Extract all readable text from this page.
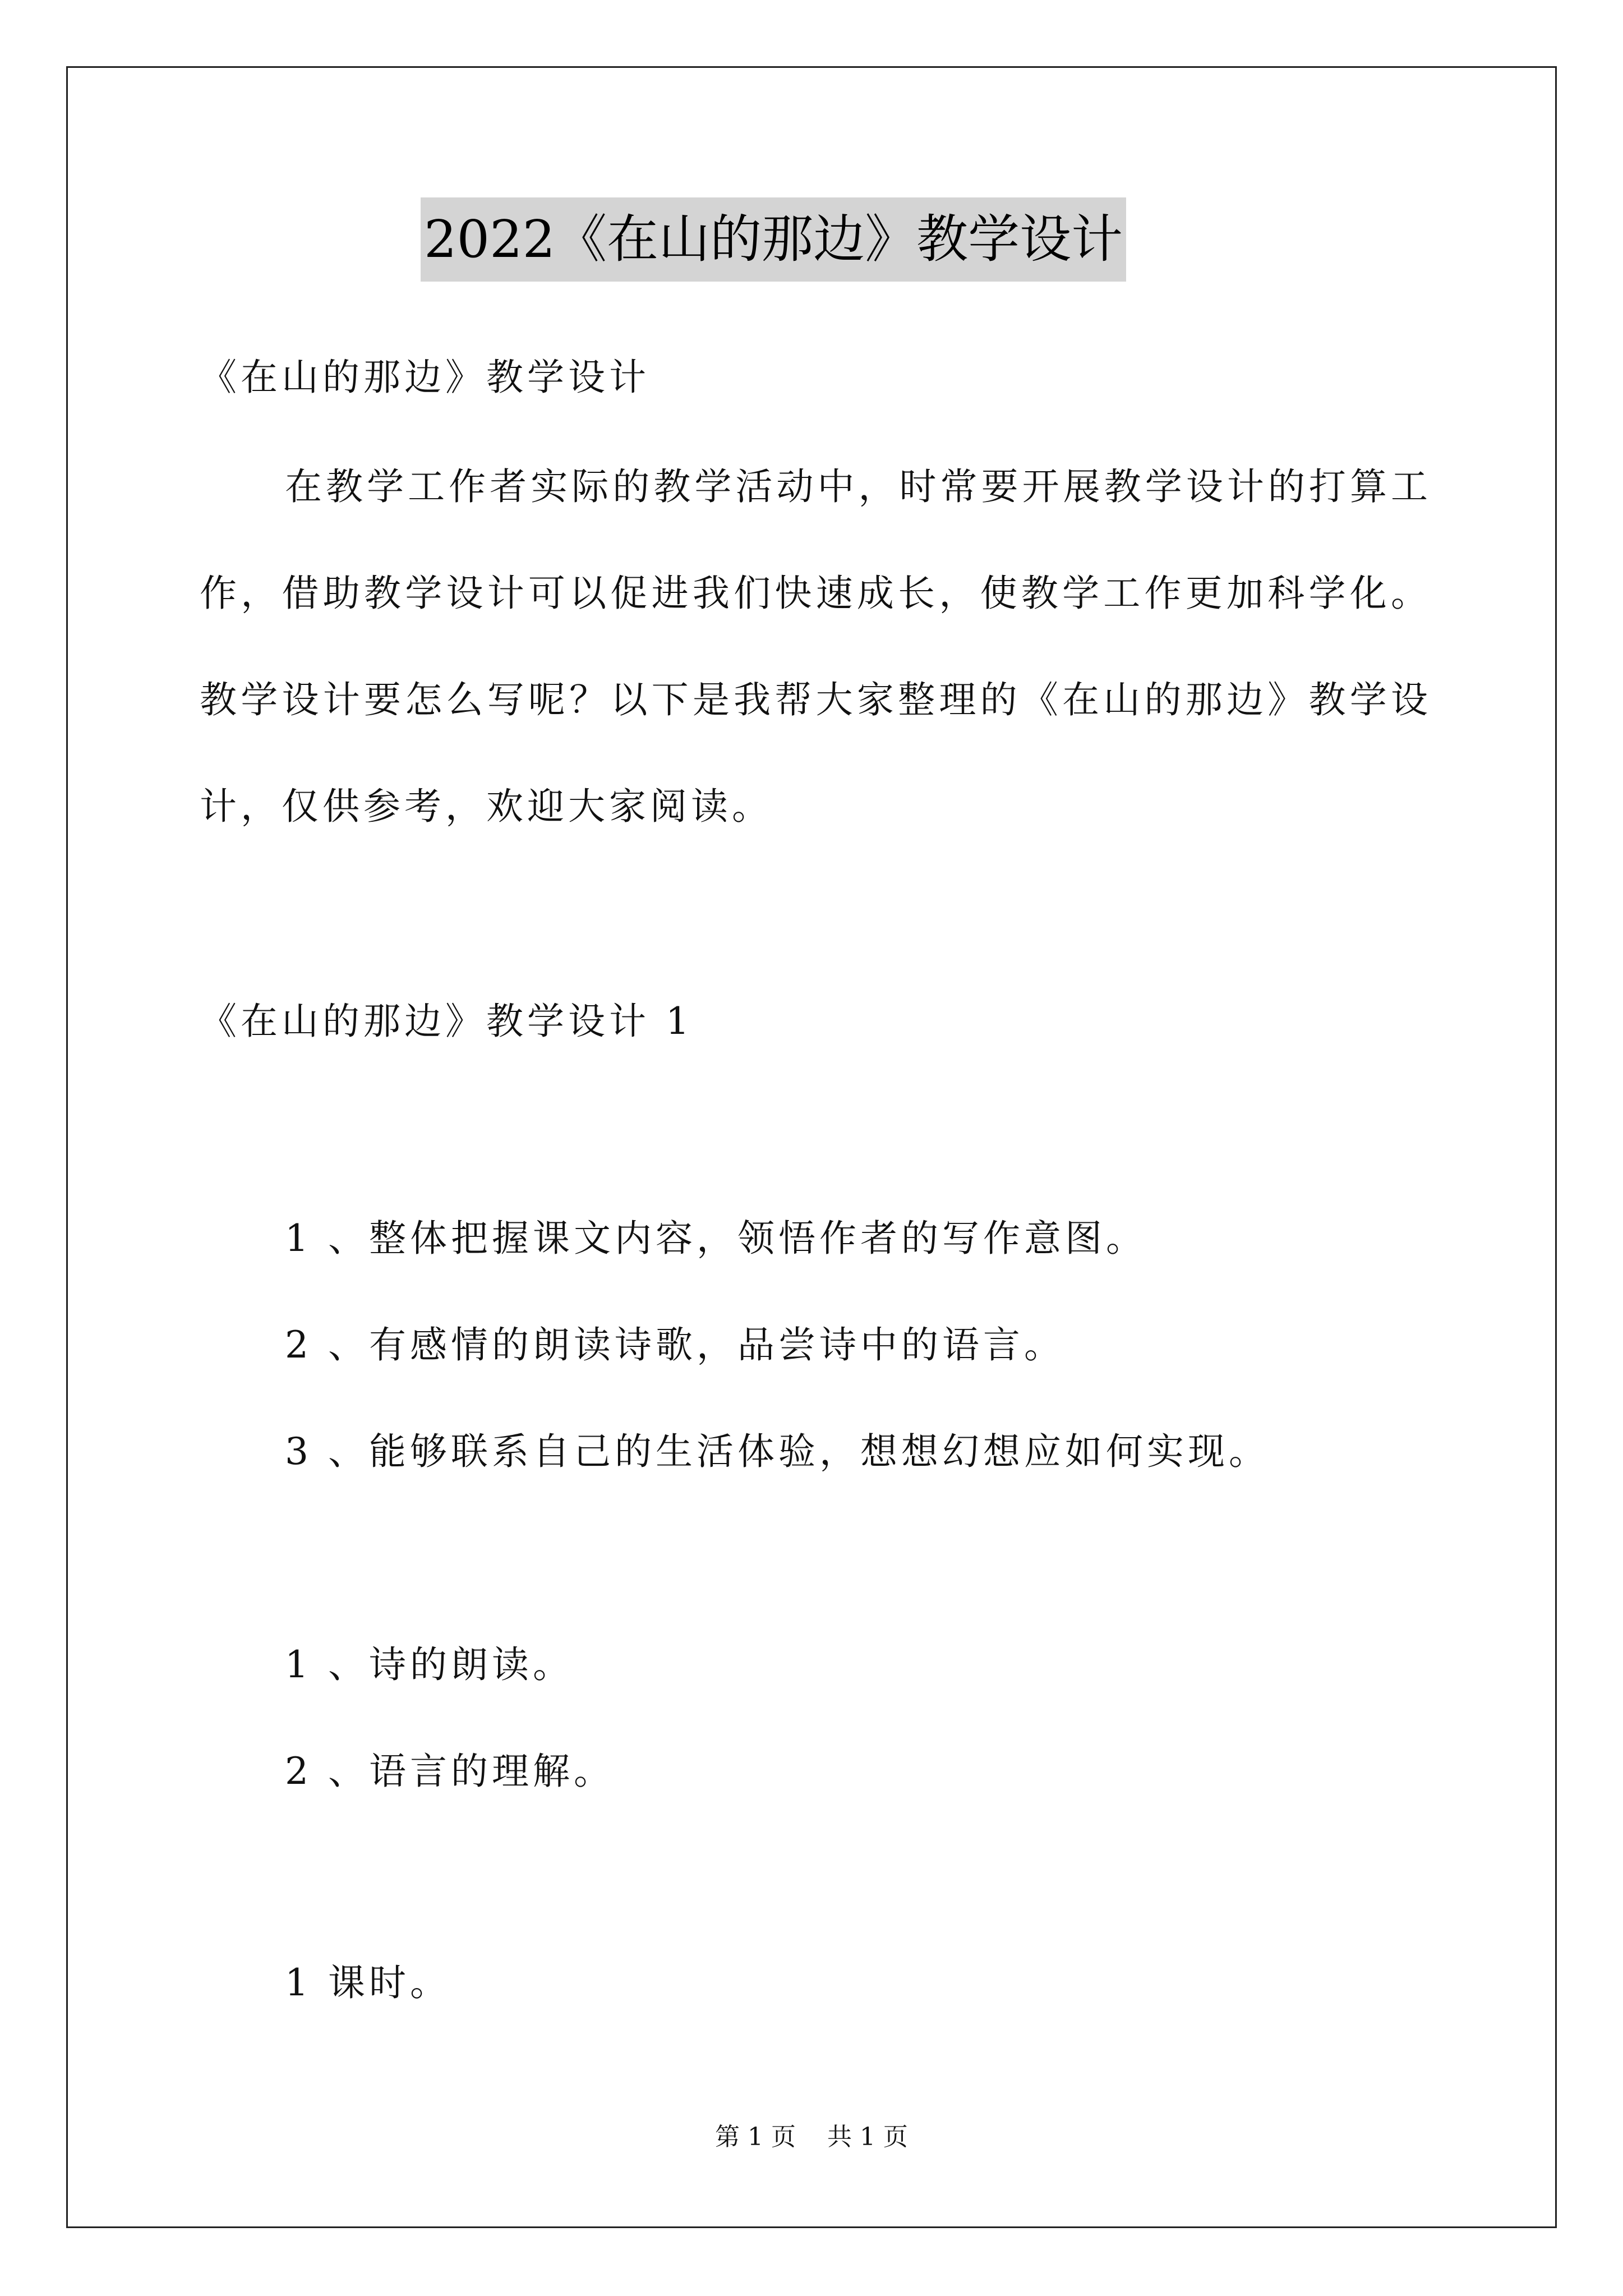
2022《在山的那边》教学设计
《在山的那边》教学设计
在教学工作者实际的教学活动中，时常要开展教学设计的打算工
作，借助教学设计可以促进我们快速成长，使教学工作更加科学化。
教学设计要怎么写呢？以下是我帮大家整理的《在山的那边》教学设
计，仅供参考，欢迎大家阅读。
《在山的那边》教学设计 1
1 、整体把握课文内容，领悟作者的写作意图。
2 、有感情的朗读诗歌，品尝诗中的语言。
3 、能够联系自己的生活体验，想想幻想应如何实现。
1 、诗的朗读。
2 、语言的理解。
1 课时。
第 1 页    共 1 页
